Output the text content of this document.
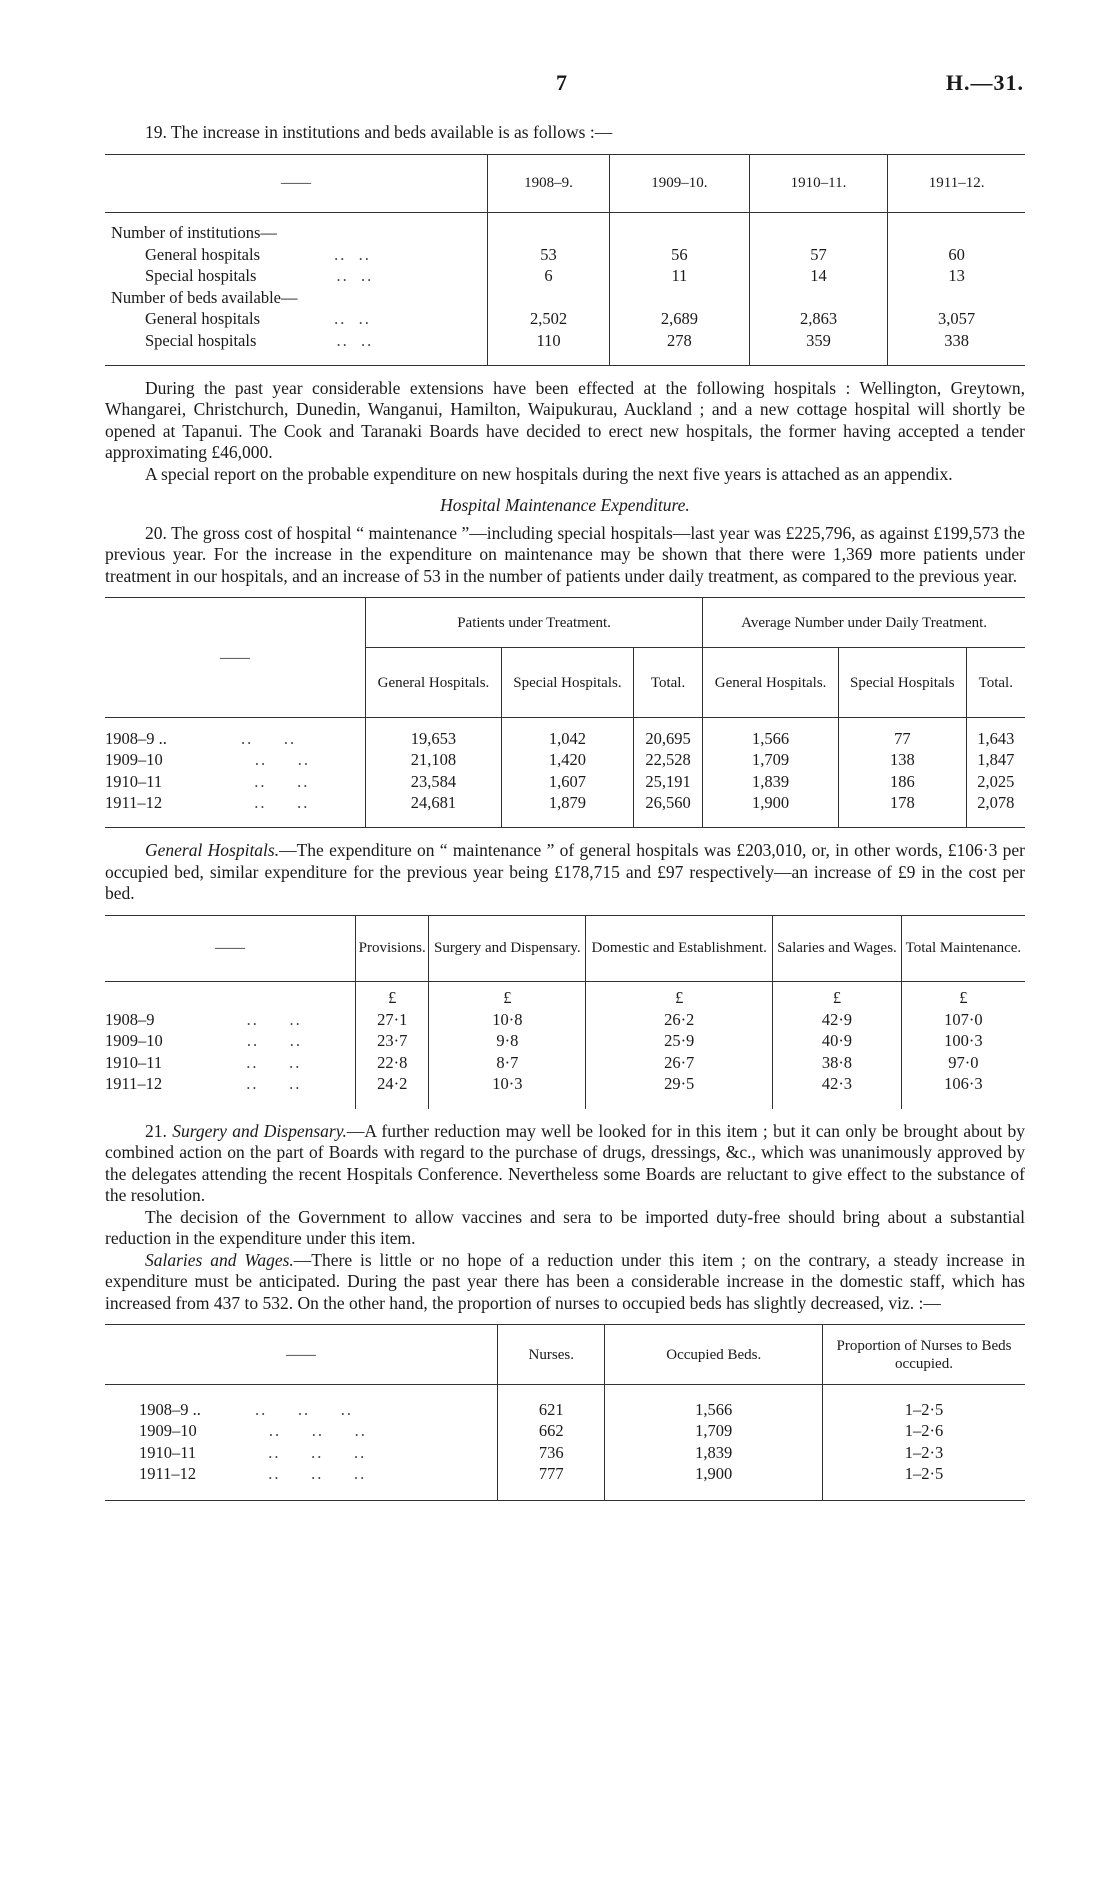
7	H.—31.

19. The increase in institutions and beds available is as follows :—

——	1908–9.	1909–10.	1910–11.	1911–12.

Number of institutions—				
General hospitals ..  ..	53	56	57	60
Special hospitals ..  ..	6	11	14	13
Number of beds available—				
General hospitals ..  ..	2,502	2,689	2,863	3,057
Special hospitals ..  ..	110	278	359	338

During the past year considerable extensions have been effected at the following hospitals : Wellington, Greytown, Whangarei, Christchurch, Dunedin, Wanganui, Hamilton, Waipukurau, Auckland ; and a new cottage hospital will shortly be opened at Tapanui. The Cook and Taranaki Boards have decided to erect new hospitals, the former having accepted a tender approximating £46,000.

A special report on the probable expenditure on new hospitals during the next five years is attached as an appendix.

Hospital Maintenance Expenditure.

20. The gross cost of hospital “ maintenance ”—including special hospitals—last year was £225,796, as against £199,573 the previous year. For the increase in the expenditure on maintenance may be shown that there were 1,369 more patients under treatment in our hospitals, and an increase of 53 in the number of patients under daily treatment, as compared to the previous year.

——	Patients under Treatment.			Average Number under Daily Treatment.		
	General Hospitals.	Special Hospitals.	Total.	General Hospitals.	Special Hospitals	Total.

1908–9 .. ..     ..	19,653	1,042	20,695	1,566	77	1,643
1909–10 ..     ..	21,108	1,420	22,528	1,709	138	1,847
1910–11 ..     ..	23,584	1,607	25,191	1,839	186	2,025
1911–12 ..     ..	24,681	1,879	26,560	1,900	178	2,078

General Hospitals.—The expenditure on “ maintenance ” of general hospitals was £203,010, or, in other words, £106·3 per occupied bed, similar expenditure for the previous year being £178,715 and £97 respectively—an increase of £9 in the cost per bed.

——	Provisions.	Surgery and Dispensary.	Domestic and Establishment.	Salaries and Wages.	Total Maintenance.

	£	£	£	£	£
1908–9 ..     ..	27·1	10·8	26·2	42·9	107·0
1909–10 ..     ..	23·7	9·8	25·9	40·9	100·3
1910–11 ..     ..	22·8	8·7	26·7	38·8	97·0
1911–12 ..     ..	24·2	10·3	29·5	42·3	106·3

21. Surgery and Dispensary.—A further reduction may well be looked for in this item ; but it can only be brought about by combined action on the part of Boards with regard to the purchase of drugs, dressings, &c., which was unanimously approved by the delegates attending the recent Hospitals Conference. Nevertheless some Boards are reluctant to give effect to the substance of the resolution.

The decision of the Government to allow vaccines and sera to be imported duty-free should bring about a substantial reduction in the expenditure under this item.

Salaries and Wages.—There is little or no hope of a reduction under this item ; on the contrary, a steady increase in expenditure must be anticipated. During the past year there has been a considerable increase in the domestic staff, which has increased from 437 to 532. On the other hand, the proportion of nurses to occupied beds has slightly decreased, viz. :—

——	Nurses.	Occupied Beds.	Proportion of Nurses to Beds occupied.

1908–9 .. ..     ..     ..	621	1,566	1–2·5
1909–10 ..     ..     ..	662	1,709	1–2·6
1910–11 ..     ..     ..	736	1,839	1–2·3
1911–12 ..     ..     ..	777	1,900	1–2·5
